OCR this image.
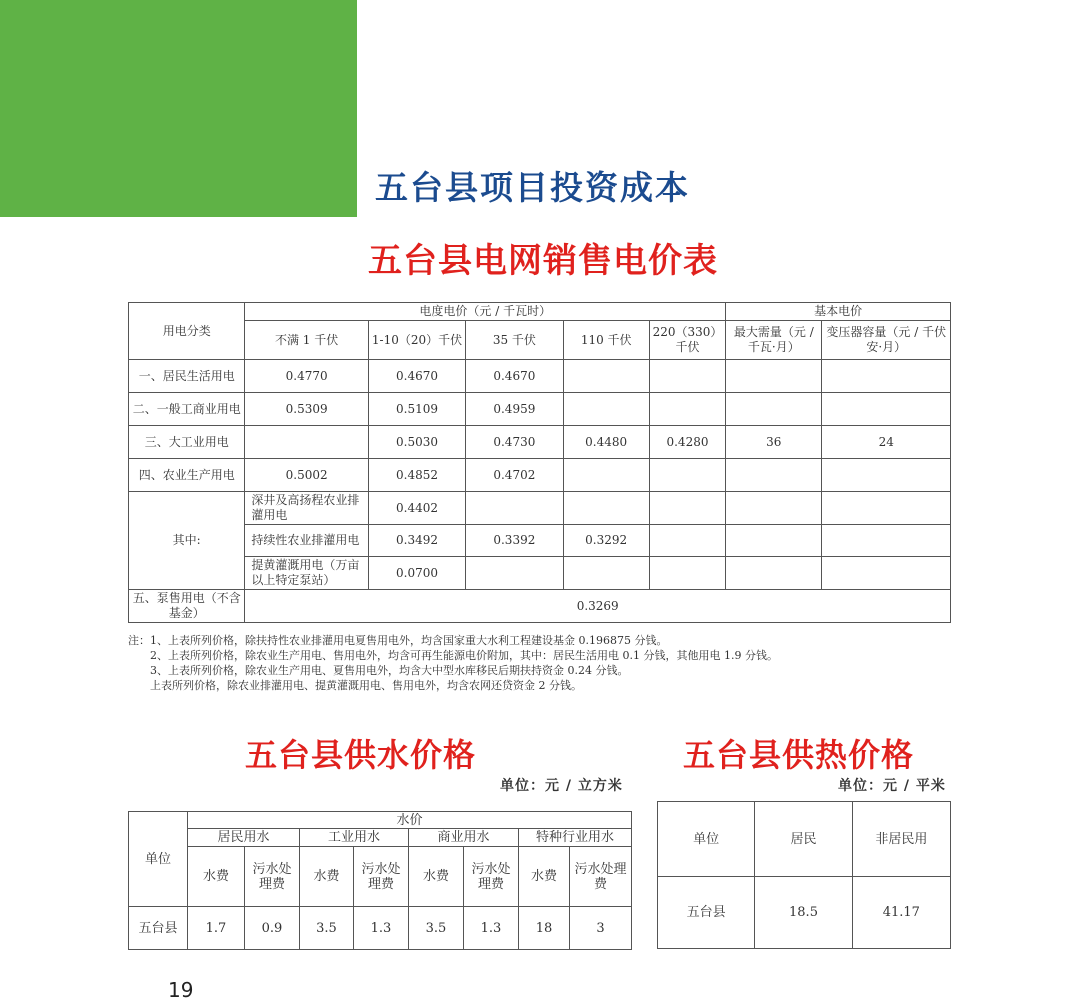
五台县项目投资成本
五台县电网销售电价表
用电分类	电度电价（元 / 千瓦时）					基本电价	
	不满 1 千伏	1-10（20）千伏	35 千伏	110 千伏	220（330）千伏	最大需量（元 / 千瓦·月）	变压器容量（元 / 千伏安·月）
一、居民生活用电	0.4770	0.4670	0.4670				
二、一般工商业用电	0.5309	0.5109	0.4959				
三、大工业用电		0.5030	0.4730	0.4480	0.4280	36	24
四、农业生产用电	0.5002	0.4852	0.4702				
其中:	深井及高扬程农业排灌用电	0.4402					
	持续性农业排灌用电	0.3492	0.3392	0.3292			
	提黄灌溉用电（万亩以上特定泵站）	0.0700					
五、泵售用电（不含基金）	0.3269						
注：1、上表所列价格，除扶持性农业排灌用电夏售用电外，均含国家重大水利工程建设基金 0.196875 分钱。
2、上表所列价格，除农业生产用电、售用电外，均含可再生能源电价附加，其中：居民生活用电 0.1 分钱，其他用电 1.9 分钱。
3、上表所列价格，除农业生产用电、夏售用电外，均含大中型水库移民后期扶持资金 0.24 分钱。
上表所列价格，除农业排灌用电、提黄灌溉用电、售用电外，均含农网还贷资金 2 分钱。
五台县供水价格
单位：元 / 立方米
单位	水价							
	居民用水		工业用水		商业用水		特种行业用水	
	水费	污水处理费	水费	污水处理费	水费	污水处理费	水费	污水处理费
五台县	1.7	0.9	3.5	1.3	3.5	1.3	18	3
五台县供热价格
单位：元 / 平米
单位	居民	非居民用
五台县	18.5	41.17
19
